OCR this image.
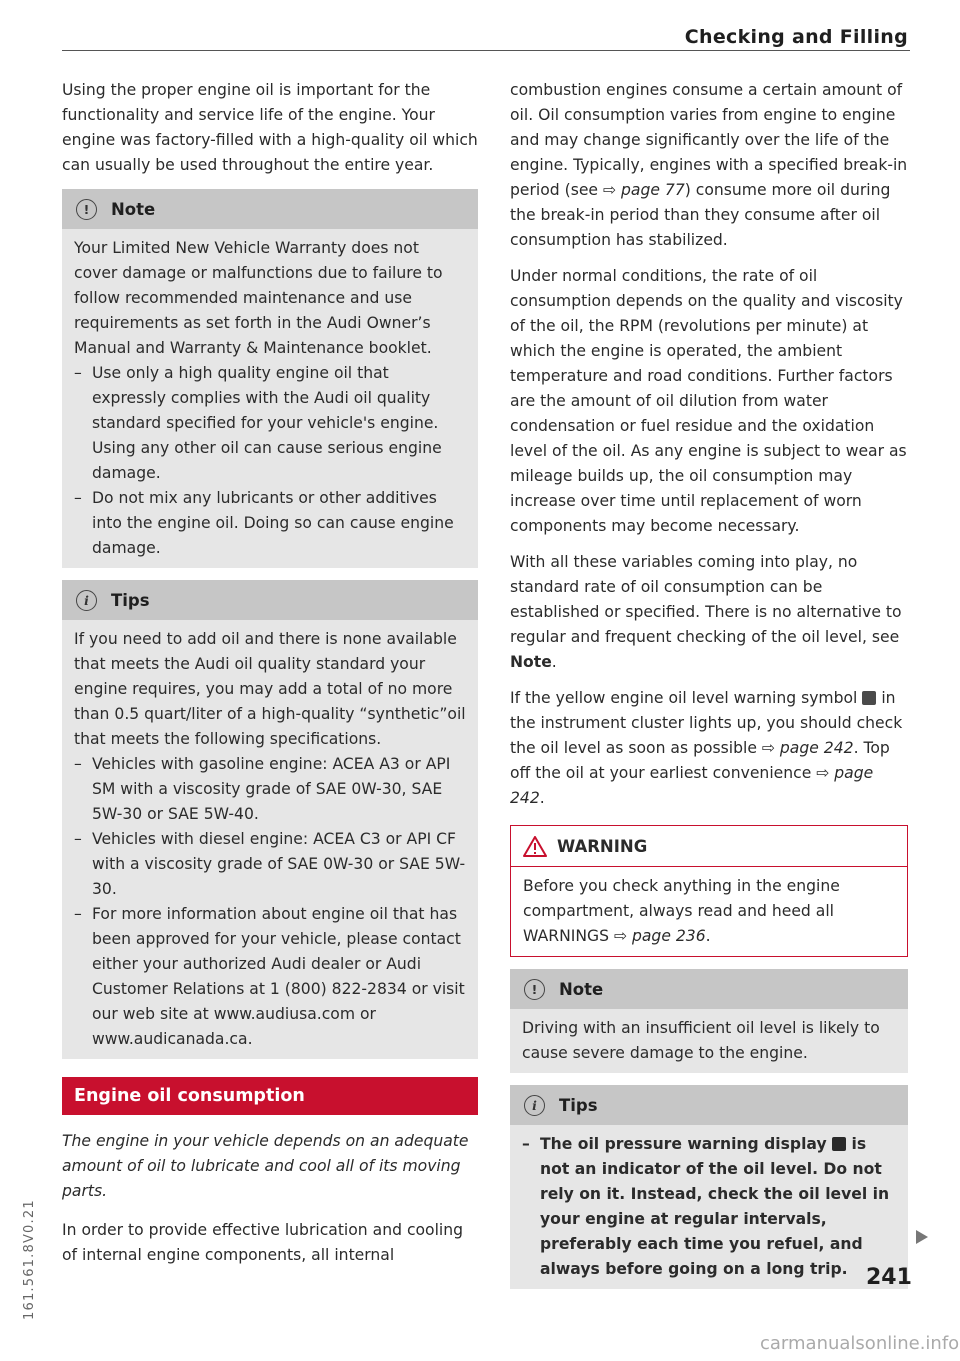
Checking and Filling

Using the proper engine oil is important for the functionality and service life of the engine. Your engine was factory-filled with a high-quality oil which can usually be used throughout the entire year.

!	Note

Your Limited New Vehicle Warranty does not cover damage or malfunctions due to failure to follow recommended maintenance and use requirements as set forth in the Audi Owner’s Manual and Warranty & Maintenance booklet.

– Use only a high quality engine oil that expressly complies with the Audi oil quality standard specified for your vehicle's engine. Using any other oil can cause serious engine damage.
– Do not mix any lubricants or other additives into the engine oil. Doing so can cause engine damage.
i	Tips

If you need to add oil and there is none available that meets the Audi oil quality standard your engine requires, you may add a total of no more than 0.5 quart/liter of a high-quality “synthetic”oil that meets the following specifications.

– Vehicles with gasoline engine: ACEA A3 or API SM with a viscosity grade of SAE 0W-30, SAE 5W-30 or SAE 5W-40.
– Vehicles with diesel engine: ACEA C3 or API CF with a viscosity grade of SAE 0W-30 or SAE 5W-30.
– For more information about engine oil that has been approved for your vehicle, please contact either your authorized Audi dealer or Audi Customer Relations at 1 (800) 822-2834 or visit our web site at www.audiusa.com or www.audicanada.ca.
Engine oil consumption

The engine in your vehicle depends on an adequate amount of oil to lubricate and cool all of its moving parts.

In order to provide effective lubrication and cooling of internal engine components, all internal

combustion engines consume a certain amount of oil. Oil consumption varies from engine to engine and may change significantly over the life of the engine. Typically, engines with a specified break-in period (see ⇨ page 77) consume more oil during the break-in period than they consume after oil consumption has stabilized.

Under normal conditions, the rate of oil consumption depends on the quality and viscosity of the oil, the RPM (revolutions per minute) at which the engine is operated, the ambient temperature and road conditions. Further factors are the amount of oil dilution from water condensation or fuel residue and the oxidation level of the oil. As any engine is subject to wear as mileage builds up, the oil consumption may increase over time until replacement of worn components may become necessary.

With all these variables coming into play, no standard rate of oil consumption can be established or specified. There is no alternative to regular and frequent checking of the oil level, see Note.

If the yellow engine oil level warning symbol  in the instrument cluster lights up, you should check the oil level as soon as possible ⇨ page 242. Top off the oil at your earliest convenience ⇨ page 242.

WARNING

Before you check anything in the engine compartment, always read and heed all WARNINGS ⇨ page 236.

!	Note

Driving with an insufficient oil level is likely to cause severe damage to the engine.

i	Tips
– The oil pressure warning display  is not an indicator of the oil level. Do not rely on it. Instead, check the oil level in your engine at regular intervals, preferably each time you refuel, and always before going on a long trip. 241
161.561.8V0.21
carmanualsonline.info
